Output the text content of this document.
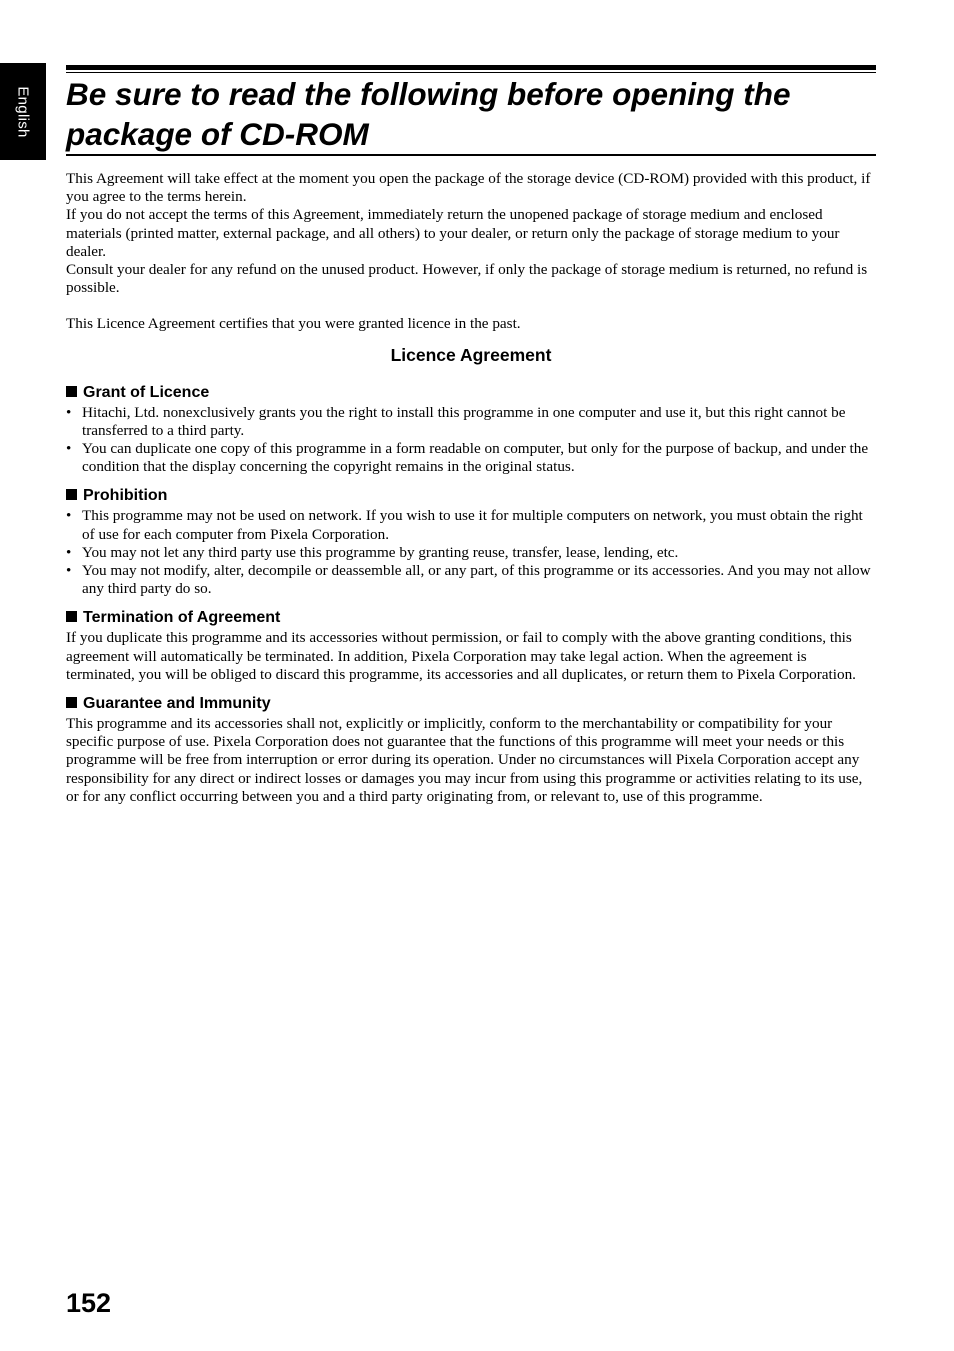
English Be sure to read the following before opening the package of CD-ROM

This Agreement will take effect at the moment you open the package of the storage device (CD-ROM) provided with this product, if you agree to the terms herein.

If you do not accept the terms of this Agreement, immediately return the unopened package of storage medium and enclosed materials (printed matter, external package, and all others) to your dealer, or return only the package of storage medium to your dealer.

Consult your dealer for any refund on the unused product. However, if only the package of storage medium is returned, no refund is possible.

This Licence Agreement certifies that you were granted licence in the past.

Licence Agreement
Grant of Licence
• Hitachi, Ltd. nonexclusively grants you the right to install this programme in one computer and use it, but this right cannot be transferred to a third party.
• You can duplicate one copy of this programme in a form readable on computer, but only for the purpose of backup, and under the condition that the display concerning the copyright remains in the original status.
Prohibition
• This programme may not be used on network. If you wish to use it for multiple computers on network, you must obtain the right of use for each computer from Pixela Corporation.
• You may not let any third party use this programme by granting reuse, transfer, lease, lending, etc.
• You may not modify, alter, decompile or deassemble all, or any part, of this programme or its accessories. And you may not allow any third party do so.
Termination of Agreement

If you duplicate this programme and its accessories without permission, or fail to comply with the above granting conditions, this agreement will automatically be terminated. In addition, Pixela Corporation may take legal action. When the agreement is terminated, you will be obliged to discard this programme, its accessories and all duplicates, or return them to Pixela Corporation.

Guarantee and Immunity

This programme and its accessories shall not, explicitly or implicitly, conform to the merchantability or compatibility for your specific purpose of use. Pixela Corporation does not guarantee that the functions of this programme will meet your needs or this programme will be free from interruption or error during its operation. Under no circumstances will Pixela Corporation accept any responsibility for any direct or indirect losses or damages you may incur from using this programme or activities relating to its use, or for any conflict occurring between you and a third party originating from, or relevant to, use of this programme.

152
